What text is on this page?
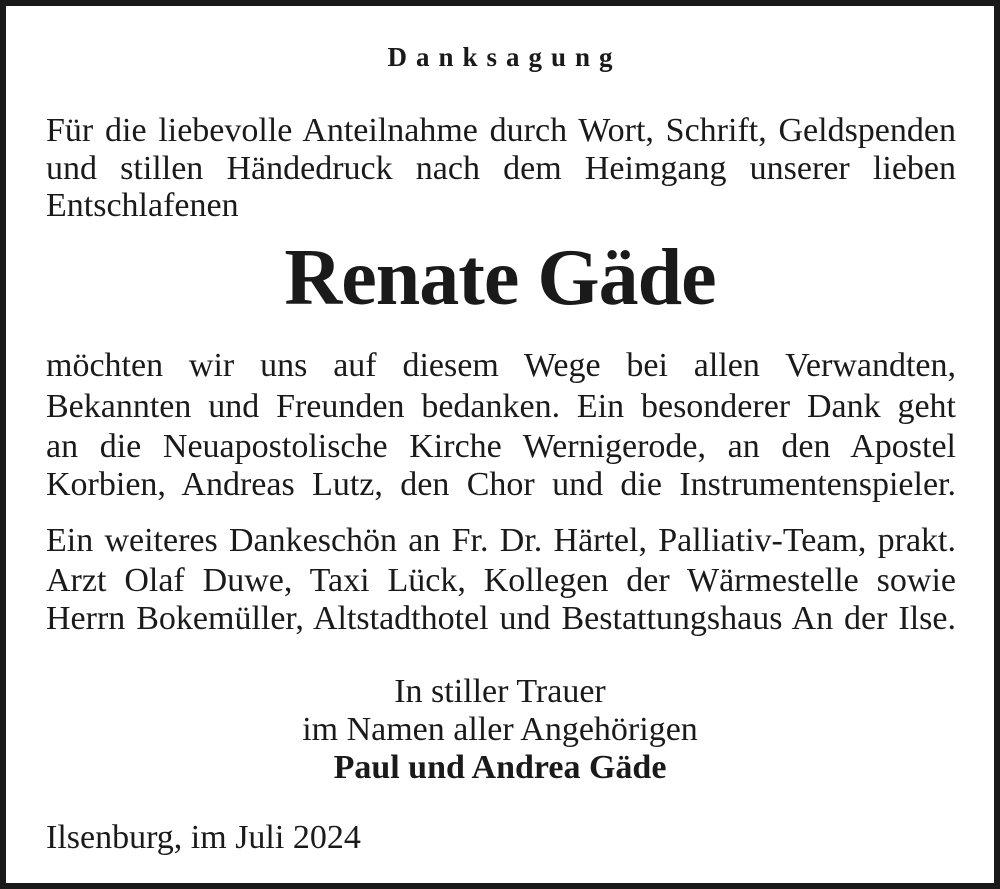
Danksagung
Für die liebevolle Anteilnahme durch Wort, Schrift, Geldspenden
und stillen Händedruck nach dem Heimgang unserer lieben
Entschlafenen
Renate Gäde
möchten wir uns auf diesem Wege bei allen Verwandten,
Bekannten und Freunden bedanken. Ein besonderer Dank geht
an die Neuapostolische Kirche Wernigerode, an den Apostel
Korbien, Andreas Lutz, den Chor und die Instrumentenspieler.
Ein weiteres Dankeschön an Fr. Dr. Härtel, Palliativ-Team, prakt.
Arzt Olaf Duwe, Taxi Lück, Kollegen der Wärmestelle sowie
Herrn Bokemüller, Altstadthotel und Bestattungshaus An der Ilse.
In stiller Trauer
im Namen aller Angehörigen
Paul und Andrea Gäde
Ilsenburg, im Juli 2024
